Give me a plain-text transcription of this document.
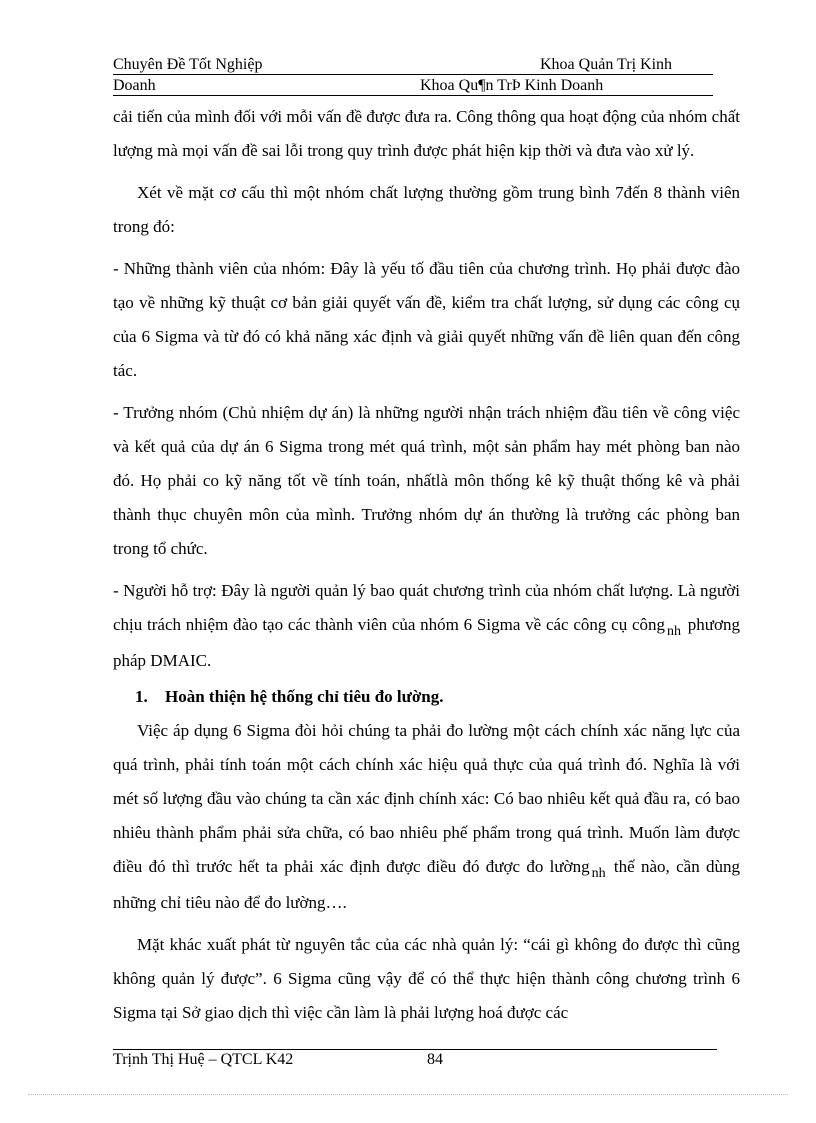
Chuyên Đề Tốt Nghiệp	Khoa Quản Trị Kinh
Doanh	Khoa Qu¶n TrÞ Kinh Doanh

cải tiến của mình đối với mỗi vấn đề được đưa ra. Công thông qua hoạt động của nhóm chất lượng mà mọi vấn đề sai lỗi trong quy trình được phát hiện kịp thời và đưa vào xử lý.

Xét về mặt cơ cấu thì một nhóm chất lượng thường gồm trung bình 7đến 8 thành viên trong đó:

- Những thành viên của nhóm: Đây là yếu tố đầu tiên của chương trình. Họ phải được đào tạo về những kỹ thuật cơ bản giải quyết vấn đề, kiểm tra chất lượng, sử dụng các công cụ của 6 Sigma và từ đó có khả năng xác định và giải quyết những vấn đề liên quan đến công tác.

- Trưởng nhóm (Chủ nhiệm dự án) là những người nhận trách nhiệm đầu tiên về công việc và kết quả của dự án 6 Sigma trong mét quá trình, một sản phẩm hay mét phòng ban nào đó. Họ phải co kỹ năng tốt về tính toán, nhấtlà môn thống kê kỹ thuật thống kê và phải thành thục chuyên môn của mình. Trưởng nhóm dự án thường là trưởng các phòng ban trong tổ chức.

- Người hỗ trợ: Đây là người quản lý bao quát chương trình của nhóm chất lượng. Là người chịu trách nhiệm đào tạo các thành viên của nhóm 6 Sigma về các công cụ công $_{nh}$ phương pháp DMAIC.

1. Hoàn thiện hệ thống chỉ tiêu đo lường.

Việc áp dụng 6 Sigma đòi hỏi chúng ta phải đo lường một cách chính xác năng lực của quá trình, phải tính toán một cách chính xác hiệu quả thực của quá trình đó. Nghĩa là với mét số lượng đầu vào chúng ta cần xác định chính xác: Có bao nhiêu kết quả đầu ra, có bao nhiêu thành phẩm phải sửa chữa, có bao nhiêu phế phẩm trong quá trình. Muốn làm được điều đó thì trước hết ta phải xác định được điều đó được đo lường $_{nh}$ thế nào, cần dùng những chỉ tiêu nào để đo lường….

Mặt khác xuất phát từ nguyên tắc của các nhà quản lý: “cái gì không đo được thì cũng không quản lý được”. 6 Sigma cũng vậy để có thể thực hiện thành công chương trình 6 Sigma tại Sở giao dịch thì việc cần làm là phải lượng hoá được các

Trịnh Thị Huệ – QTCL K42	84
